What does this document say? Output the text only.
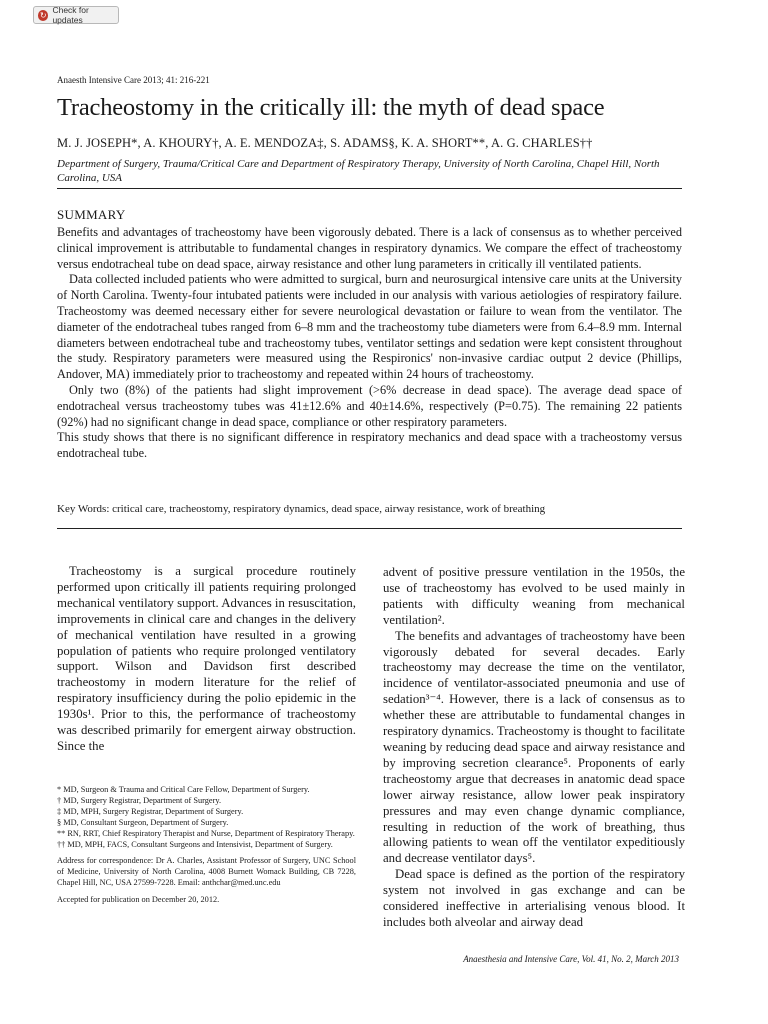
↻ Check for updates
Anaesth Intensive Care 2013; 41: 216-221
Tracheostomy in the critically ill: the myth of dead space
M. J. JOSEPH*, A. KHOURY†, A. E. MENDOZA‡, S. ADAMS§, K. A. SHORT**, A. G. CHARLES††
Department of Surgery, Trauma/Critical Care and Department of Respiratory Therapy, University of North Carolina, Chapel Hill, North Carolina, USA
SUMMARY

Benefits and advantages of tracheostomy have been vigorously debated. There is a lack of consensus as to whether perceived clinical improvement is attributable to fundamental changes in respiratory dynamics. We compare the effect of tracheostomy versus endotracheal tube on dead space, airway resistance and other lung parameters in critically ill ventilated patients.

Data collected included patients who were admitted to surgical, burn and neurosurgical intensive care units at the University of North Carolina. Twenty-four intubated patients were included in our analysis with various aetiologies of respiratory failure. Tracheostomy was deemed necessary either for severe neurological devastation or failure to wean from the ventilator. The diameter of the endotracheal tubes ranged from 6–8 mm and the tracheostomy tube diameters were from 6.4–8.9 mm. Internal diameters between endotracheal tube and tracheostomy tubes, ventilator settings and sedation were kept consistent throughout the study. Respiratory parameters were measured using the Respironics' non-invasive cardiac output 2 device (Phillips, Andover, MA) immediately prior to tracheostomy and repeated within 24 hours of tracheostomy.

Only two (8%) of the patients had slight improvement (>6% decrease in dead space). The average dead space of endotracheal versus tracheostomy tubes was 41±12.6% and 40±14.6%, respectively (P=0.75). The remaining 22 patients (92%) had no significant change in dead space, compliance or other respiratory parameters.

This study shows that there is no significant difference in respiratory mechanics and dead space with a tracheostomy versus endotracheal tube.

Key Words: critical care, tracheostomy, respiratory dynamics, dead space, airway resistance, work of breathing

Tracheostomy is a surgical procedure routinely performed upon critically ill patients requiring prolonged mechanical ventilatory support. Advances in resuscitation, improvements in clinical care and changes in the delivery of mechanical ventilation have resulted in a growing population of patients who require prolonged ventilatory support. Wilson and Davidson first described tracheostomy in modern literature for the relief of respiratory insufficiency during the polio epidemic in the 1930s¹. Prior to this, the performance of tracheostomy was described primarily for emergent airway obstruction. Since the

advent of positive pressure ventilation in the 1950s, the use of tracheostomy has evolved to be used mainly in patients with difficulty weaning from mechanical ventilation².

The benefits and advantages of tracheostomy have been vigorously debated for several decades. Early tracheostomy may decrease the time on the ventilator, incidence of ventilator-associated pneumonia and use of sedation³⁻⁴. However, there is a lack of consensus as to whether these are attributable to fundamental changes in respiratory dynamics. Tracheostomy is thought to facilitate weaning by reducing dead space and airway resistance and by improving secretion clearance⁵. Proponents of early tracheostomy argue that decreases in anatomic dead space lower airway resistance, allow lower peak inspiratory pressures and may even change dynamic compliance, resulting in reduction of the work of breathing, thus allowing patients to wean off the ventilator expeditiously and decrease ventilator days⁵.

Dead space is defined as the portion of the respiratory system not involved in gas exchange and can be considered ineffective in arterialising venous blood. It includes both alveolar and airway dead

* MD, Surgeon & Trauma and Critical Care Fellow, Department of Surgery.

† MD, Surgery Registrar, Department of Surgery.

‡ MD, MPH, Surgery Registrar, Department of Surgery.

§ MD, Consultant Surgeon, Department of Surgery.

** RN, RRT, Chief Respiratory Therapist and Nurse, Department of Respiratory Therapy.

†† MD, MPH, FACS, Consultant Surgeons and Intensivist, Department of Surgery.

Address for correspondence: Dr A. Charles, Assistant Professor of Surgery, UNC School of Medicine, University of North Carolina, 4008 Burnett Womack Building, CB 7228, Chapel Hill, NC, USA 27599-7228. Email: anthchar@med.unc.edu

Accepted for publication on December 20, 2012.

Anaesthesia and Intensive Care, Vol. 41, No. 2, March 2013
